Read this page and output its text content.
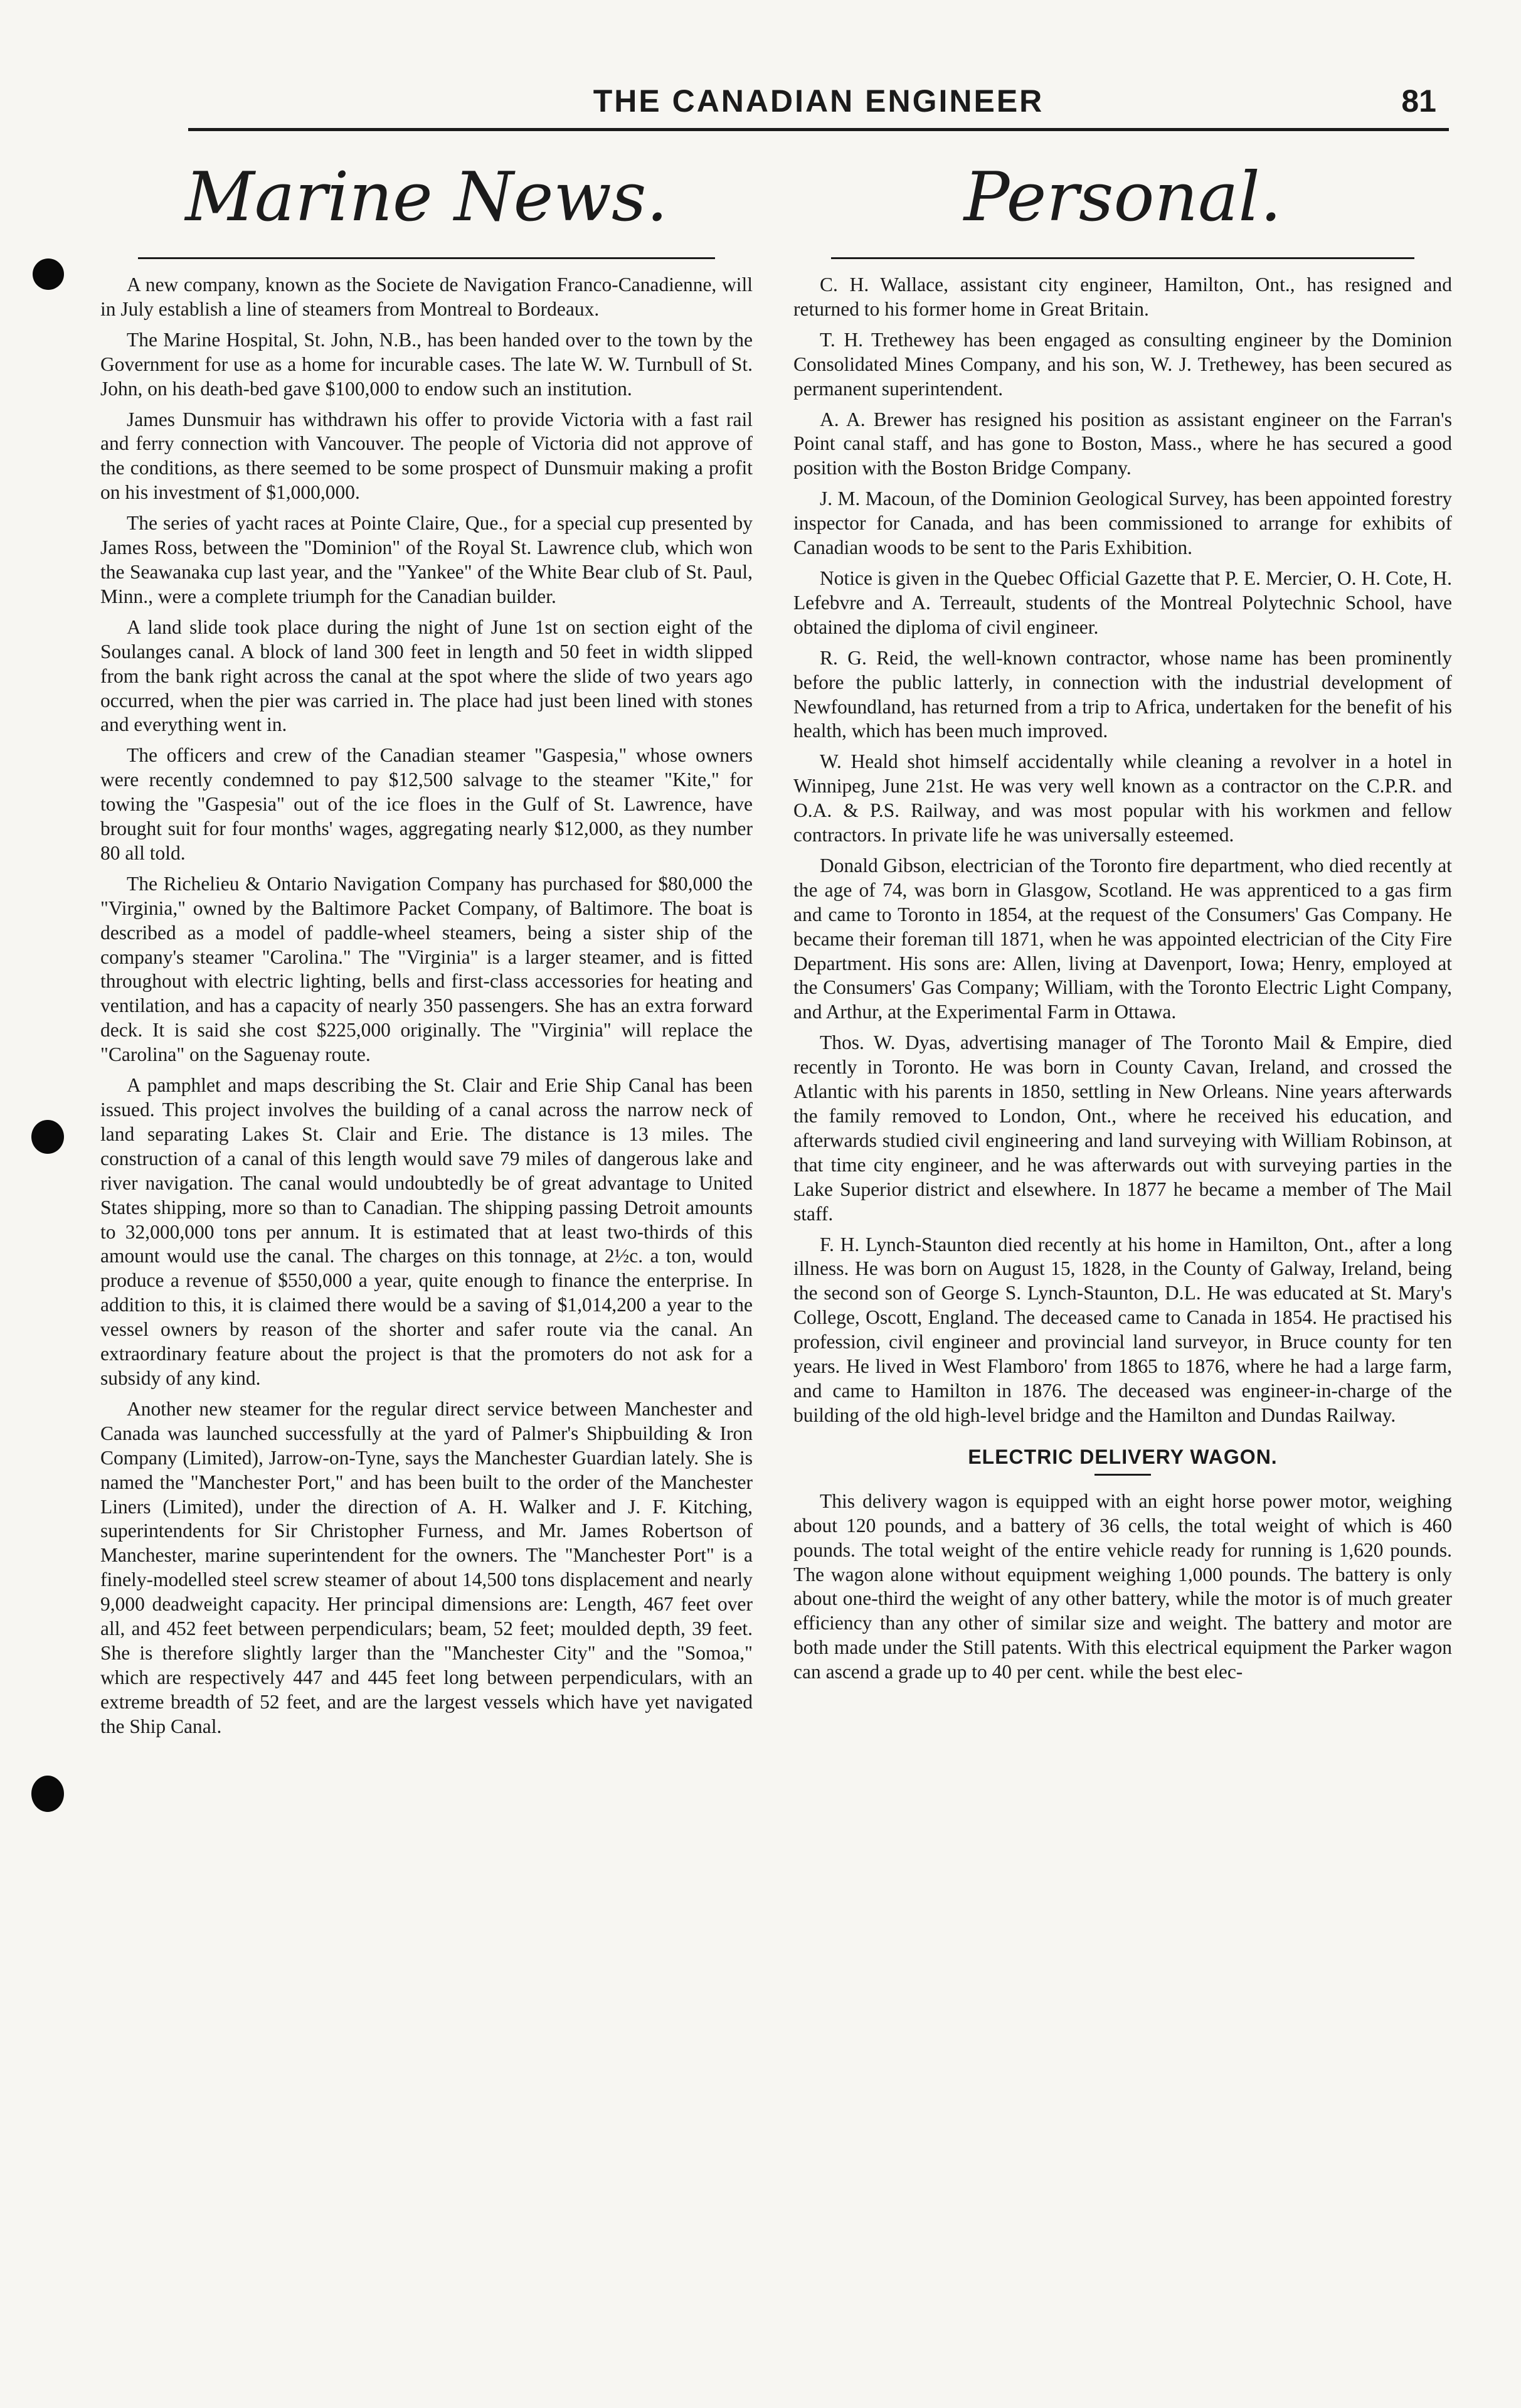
THE CANADIAN ENGINEER	81
Marine News.

A new company, known as the Societe de Navigation Franco-Canadienne, will in July establish a line of steamers from Montreal to Bordeaux.

The Marine Hospital, St. John, N.B., has been handed over to the town by the Government for use as a home for incurable cases. The late W. W. Turnbull of St. John, on his death-bed gave $100,000 to endow such an institution.

James Dunsmuir has withdrawn his offer to provide Victoria with a fast rail and ferry connection with Vancouver. The people of Victoria did not approve of the conditions, as there seemed to be some prospect of Dunsmuir making a profit on his investment of $1,000,000.

The series of yacht races at Pointe Claire, Que., for a special cup presented by James Ross, between the "Dominion" of the Royal St. Lawrence club, which won the Seawanaka cup last year, and the "Yankee" of the White Bear club of St. Paul, Minn., were a complete triumph for the Canadian builder.

A land slide took place during the night of June 1st on section eight of the Soulanges canal. A block of land 300 feet in length and 50 feet in width slipped from the bank right across the canal at the spot where the slide of two years ago occurred, when the pier was carried in. The place had just been lined with stones and everything went in.

The officers and crew of the Canadian steamer "Gaspesia," whose owners were recently condemned to pay $12,500 salvage to the steamer "Kite," for towing the "Gaspesia" out of the ice floes in the Gulf of St. Lawrence, have brought suit for four months' wages, aggregating nearly $12,000, as they number 80 all told.

The Richelieu & Ontario Navigation Company has purchased for $80,000 the "Virginia," owned by the Baltimore Packet Company, of Baltimore. The boat is described as a model of paddle-wheel steamers, being a sister ship of the company's steamer "Carolina." The "Virginia" is a larger steamer, and is fitted throughout with electric lighting, bells and first-class accessories for heating and ventilation, and has a capacity of nearly 350 passengers. She has an extra forward deck. It is said she cost $225,000 originally. The "Virginia" will replace the "Carolina" on the Saguenay route.

A pamphlet and maps describing the St. Clair and Erie Ship Canal has been issued. This project involves the building of a canal across the narrow neck of land separating Lakes St. Clair and Erie. The distance is 13 miles. The construction of a canal of this length would save 79 miles of dangerous lake and river navigation. The canal would undoubtedly be of great advantage to United States shipping, more so than to Canadian. The shipping passing Detroit amounts to 32,000,000 tons per annum. It is estimated that at least two-thirds of this amount would use the canal. The charges on this tonnage, at 2½c. a ton, would produce a revenue of $550,000 a year, quite enough to finance the enterprise. In addition to this, it is claimed there would be a saving of $1,014,200 a year to the vessel owners by reason of the shorter and safer route via the canal. An extraordinary feature about the project is that the promoters do not ask for a subsidy of any kind.

Another new steamer for the regular direct service between Manchester and Canada was launched successfully at the yard of Palmer's Shipbuilding & Iron Company (Limited), Jarrow-on-Tyne, says the Manchester Guardian lately. She is named the "Manchester Port," and has been built to the order of the Manchester Liners (Limited), under the direction of A. H. Walker and J. F. Kitching, superintendents for Sir Christopher Furness, and Mr. James Robertson of Manchester, marine superintendent for the owners. The "Manchester Port" is a finely-modelled steel screw steamer of about 14,500 tons displacement and nearly 9,000 deadweight capacity. Her principal dimensions are: Length, 467 feet over all, and 452 feet between perpendiculars; beam, 52 feet; moulded depth, 39 feet. She is therefore slightly larger than the "Manchester City" and the "Somoa," which are respectively 447 and 445 feet long between perpendiculars, with an extreme breadth of 52 feet, and are the largest vessels which have yet navigated the Ship Canal.

Personal.

C. H. Wallace, assistant city engineer, Hamilton, Ont., has resigned and returned to his former home in Great Britain.

T. H. Trethewey has been engaged as consulting engineer by the Dominion Consolidated Mines Company, and his son, W. J. Trethewey, has been secured as permanent superintendent.

A. A. Brewer has resigned his position as assistant engineer on the Farran's Point canal staff, and has gone to Boston, Mass., where he has secured a good position with the Boston Bridge Company.

J. M. Macoun, of the Dominion Geological Survey, has been appointed forestry inspector for Canada, and has been commissioned to arrange for exhibits of Canadian woods to be sent to the Paris Exhibition.

Notice is given in the Quebec Official Gazette that P. E. Mercier, O. H. Cote, H. Lefebvre and A. Terreault, students of the Montreal Polytechnic School, have obtained the diploma of civil engineer.

R. G. Reid, the well-known contractor, whose name has been prominently before the public latterly, in connection with the industrial development of Newfoundland, has returned from a trip to Africa, undertaken for the benefit of his health, which has been much improved.

W. Heald shot himself accidentally while cleaning a revolver in a hotel in Winnipeg, June 21st. He was very well known as a contractor on the C.P.R. and O.A. & P.S. Railway, and was most popular with his workmen and fellow contractors. In private life he was universally esteemed.

Donald Gibson, electrician of the Toronto fire department, who died recently at the age of 74, was born in Glasgow, Scotland. He was apprenticed to a gas firm and came to Toronto in 1854, at the request of the Consumers' Gas Company. He became their foreman till 1871, when he was appointed electrician of the City Fire Department. His sons are: Allen, living at Davenport, Iowa; Henry, employed at the Consumers' Gas Company; William, with the Toronto Electric Light Company, and Arthur, at the Experimental Farm in Ottawa.

Thos. W. Dyas, advertising manager of The Toronto Mail & Empire, died recently in Toronto. He was born in County Cavan, Ireland, and crossed the Atlantic with his parents in 1850, settling in New Orleans. Nine years afterwards the family removed to London, Ont., where he received his education, and afterwards studied civil engineering and land surveying with William Robinson, at that time city engineer, and he was afterwards out with surveying parties in the Lake Superior district and elsewhere. In 1877 he became a member of The Mail staff.

F. H. Lynch-Staunton died recently at his home in Hamilton, Ont., after a long illness. He was born on August 15, 1828, in the County of Galway, Ireland, being the second son of George S. Lynch-Staunton, D.L. He was educated at St. Mary's College, Oscott, England. The deceased came to Canada in 1854. He practised his profession, civil engineer and provincial land surveyor, in Bruce county for ten years. He lived in West Flamboro' from 1865 to 1876, where he had a large farm, and came to Hamilton in 1876. The deceased was engineer-in-charge of the building of the old high-level bridge and the Hamilton and Dundas Railway.

ELECTRIC DELIVERY WAGON.

This delivery wagon is equipped with an eight horse power motor, weighing about 120 pounds, and a battery of 36 cells, the total weight of which is 460 pounds. The total weight of the entire vehicle ready for running is 1,620 pounds. The wagon alone without equipment weighing 1,000 pounds. The battery is only about one-third the weight of any other battery, while the motor is of much greater efficiency than any other of similar size and weight. The battery and motor are both made under the Still patents. With this electrical equipment the Parker wagon can ascend a grade up to 40 per cent. while the best elec-
